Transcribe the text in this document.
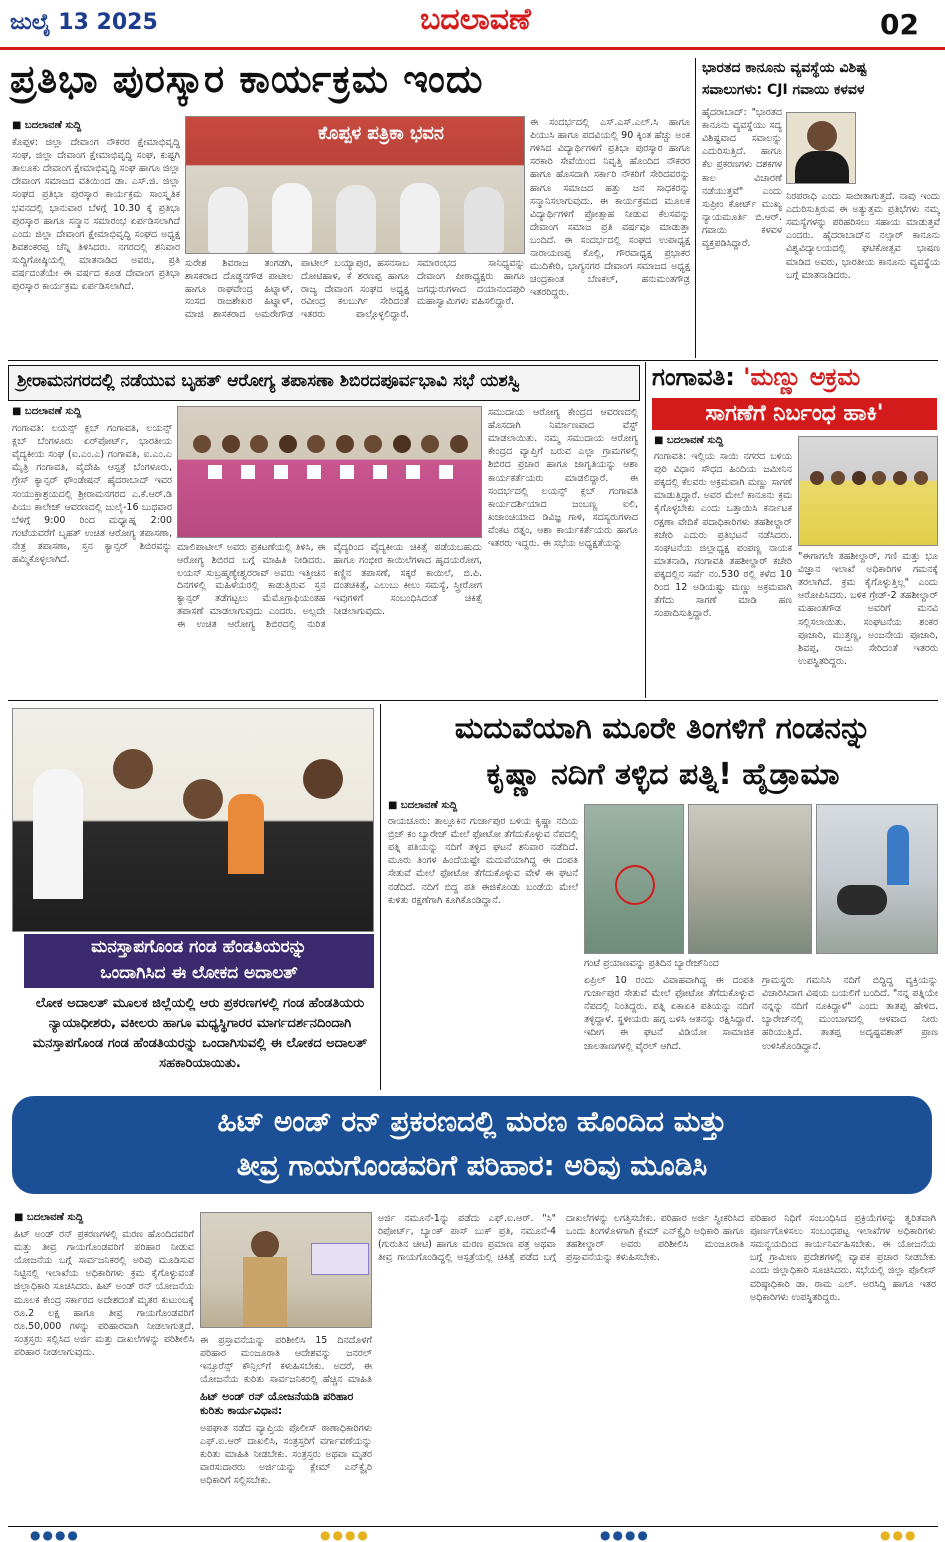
ಜುಲೈ 13 2025	ಬದಲಾವಣೆ	02
ಪ್ರತಿಭಾ ಪುರಸ್ಕಾರ ಕಾರ್ಯಕ್ರಮ ಇಂದು
■ ಬದಲಾವಣೆ ಸುದ್ದಿ
ಕೊಪ್ಪಳ: ಜಿಲ್ಲಾ ದೇವಾಂಗ ನೌಕರರ ಕ್ಷೇಮಾಭಿವೃದ್ಧಿ ಸಂಘ, ಜಿಲ್ಲಾ ದೇವಾಂಗ ಕ್ಷೇಮಾಭಿವೃದ್ಧಿ ಸಂಘ, ಕುಷ್ಟಗಿ ತಾಲೂಕು ದೇವಾಂಗ ಕ್ಷೇಮಾಭಿವೃದ್ಧಿ ಸಂಘ ಹಾಗೂ ಜಿಲ್ಲಾ ದೇವಾಂಗ ಸಮಾಜದ ವತಿಯಿಂದ ಡಾ. ಎಸ್.ಜಿ. ಜಿಲ್ಲಾ ಸಂಘದ ಪ್ರತಿಭಾ ಪುರಸ್ಕಾರ ಕಾರ್ಯಕ್ರಮ ಸಾಂಸ್ಕೃತಿಕ ಭವನದಲ್ಲಿ ಭಾನುವಾರ ಬೆಳಗ್ಗೆ 10.30 ಕ್ಕೆ ಪ್ರತಿಭಾ ಪುರಸ್ಕಾರ ಹಾಗೂ ಸನ್ಮಾನ ಸಮಾರಂಭ ಏರ್ಪಡಿಸಲಾಗಿದೆ ಎಂದು ಜಿಲ್ಲಾ ದೇವಾಂಗ ಕ್ಷೇಮಾಭಿವೃದ್ಧಿ ಸಂಘದ ಅಧ್ಯಕ್ಷ ಶಿವಶಂಕರಪ್ಪ ಚೆನ್ನಿ ತಿಳಿಸಿದರು. ನಗರದಲ್ಲಿ ಶನಿವಾರ ಸುದ್ದಿಗೋಷ್ಠಿಯಲ್ಲಿ ಮಾತನಾಡಿದ ಅವರು, ಪ್ರತಿ ವರ್ಷದಂತೆಯೇ ಈ ವರ್ಷದ ಕೂಡ ದೇವಾಂಗ ಪ್ರತಿಭಾ ಪುರಸ್ಕಾರ ಕಾರ್ಯಕ್ರಮ ಏರ್ಪಡಿಸಲಾಗಿದೆ.
ಕೊಪ್ಪಳ ಪತ್ರಿಕಾ ಭವನ
ಸುರೇಶ ಶಿವರಾಜ ತಂಗಡಗಿ, ಶಾಸಕರಾದ ದೊಡ್ಡನಗೌಡ ಪಾಟೀಲ ಹಾಗೂ ರಾಘವೇಂದ್ರ ಹಿಟ್ನಾಳ್, ಸಂಸದ ರಾಜಶೇಖರ ಹಿಟ್ನಾಳ್, ಮಾಜಿ ಶಾಸಕರಾದ ಅಮರೇಗೌಡ ಪಾಟೀಲ್ ಬಯ್ಯಾಪುರ, ಹಸನಸಾಬ ದೋಟಿಹಾಳ, ಕೆ ಶರಣಪ್ಪ ಹಾಗೂ ರಾಜ್ಯ ದೇವಾಂಗ ಸಂಘದ ಅಧ್ಯಕ್ಷ ರವೀಂದ್ರ ಕಲಬುರ್ಗಿ ಸೇರಿದಂತೆ ಇತರರು ಪಾಲ್ಗೊಳ್ಳಲಿದ್ದಾರೆ. ಸಮಾರಂಭದ ಸಾನಿಧ್ಯವನ್ನು ದೇವಾಂಗ ಪೀಠಾಧ್ಯಕ್ಷರು ಹಾಗೂ ಜಗದ್ಗುರುಗಳಾದ ದಯಾನಂದಪುರಿ ಮಹಾಸ್ವಾಮಿಗಳು ವಹಿಸಲಿದ್ದಾರೆ.
ಈ ಸಂದರ್ಭದಲ್ಲಿ ಎಸ್.ಎಸ್.ಎಲ್.ಸಿ ಹಾಗೂ ಪಿಯುಸಿ ಹಾಗೂ ಪದವಿಯಲ್ಲಿ 90 ಕ್ಕಿಂತ ಹೆಚ್ಚು ಅಂಕ ಗಳಿಸಿದ ವಿದ್ಯಾರ್ಥಿಗಳಿಗೆ ಪ್ರತಿಭಾ ಪುರಸ್ಕಾರ ಹಾಗೂ ಸರಕಾರಿ ಸೇವೆಯಿಂದ ನಿವೃತ್ತಿ ಹೊಂದಿದ ನೌಕರರ ಹಾಗೂ ಹೊಸದಾಗಿ ಸರ್ಕಾರಿ ನೌಕರಿಗೆ ಸೇರಿದವರನ್ನು ಹಾಗೂ ಸಮಾಜದ ಹತ್ತು ಜನ ಸಾಧಕರನ್ನು ಸನ್ಮಾನಿಸಲಾಗುವುದು. ಈ ಕಾರ್ಯಕ್ರಮದ ಮೂಲಕ ವಿದ್ಯಾರ್ಥಿಗಳಿಗೆ ಪ್ರೋತ್ಸಾಹ ನೀಡುವ ಕೆಲಸವನ್ನು ದೇವಾಂಗ ಸಮಾಜ ಪ್ರತಿ ವರ್ಷವೂ ಮಾಡುತ್ತಾ ಬಂದಿದೆ. ಈ ಸಂದರ್ಭದಲ್ಲಿ ಸಂಘದ ಉಪಾಧ್ಯಕ್ಷ ನಾರಾಯಣಪ್ಪ ಕೊಲ್ಲಿ, ಗೌರವಾಧ್ಯಕ್ಷ ಪ್ರಭಾಕರ ಮುದಿಕೇರಿ, ಭಾಗ್ಯನಗರ ದೇವಾಂಗ ಸಮಾಜದ ಅಧ್ಯಕ್ಷ ಚಂದ್ರಕಾಂತ ಬೆಣಕಲ್, ಹನುಮಂತಗೌಡ್ರ ಇತರರಿದ್ದರು.
ಭಾರತದ ಕಾನೂನು ವ್ಯವಸ್ಥೆಯ ವಿಶಿಷ್ಟ
ಸವಾಲುಗಳು: CJI ಗವಾಯಿ ಕಳವಳ
ಹೈದರಾಬಾದ್: "ಭಾರತದ ಕಾನೂನು ವ್ಯವಸ್ಥೆಯು ಸದ್ಯ ವಿಶಿಷ್ಟವಾದ ಸವಾಲನ್ನು ಎದುರಿಸುತ್ತಿದೆ. ಹಾಗೂ ಕೆಲ ಪ್ರಕರಣಗಳು ದಶಕಗಳ ಕಾಲ ವಿಚಾರಣೆ ನಡೆಯುತ್ತವೆ" ಎಂದು ಸುಪ್ರೀಂ ಕೋರ್ಟ್ ಮುಖ್ಯ ನ್ಯಾಯಮೂರ್ತಿ ಬಿ.ಆರ್. ಗವಾಯಿ ಕಳವಳ ವ್ಯಕ್ತಪಡಿಸಿದ್ದಾರೆ.
ನಿರಪರಾಧಿ ಎಂದು ಸಾಬೀತಾಗುತ್ತದೆ. ನಾವು ಇಂದು ಎದುರಿಸುತ್ತಿರುವ ಈ ಅತ್ಯುತ್ತಮ ಪ್ರತಿಭೆಗಳು ನಮ್ಮ ಸಮಸ್ಯೆಗಳನ್ನು ಪರಿಹರಿಸಲು ಸಹಾಯ ಮಾಡುತ್ತವೆ ಎಂದರು. ಹೈದರಾಬಾದ್‌ನ ನಲ್ಸಾರ್ ಕಾನೂನು ವಿಶ್ವವಿದ್ಯಾಲಯದಲ್ಲಿ ಘಟಿಕೋತ್ಸವ ಭಾಷಣ ಮಾಡಿದ ಅವರು, ಭಾರತೀಯ ಕಾನೂನು ವ್ಯವಸ್ಥೆಯ ಬಗ್ಗೆ ಮಾತನಾಡಿದರು.
ಶ್ರೀರಾಮನಗರದಲ್ಲಿ ನಡೆಯುವ ಬೃಹತ್ ಆರೋಗ್ಯ ತಪಾಸಣಾ ಶಿಬಿರದಪೂರ್ವಭಾವಿ ಸಭೆ ಯಶಸ್ವಿ
■ ಬದಲಾವಣೆ ಸುದ್ದಿ
ಗಂಗಾವತಿ: ಲಯನ್ಸ್ ಕ್ಲಬ್ ಗಂಗಾವತಿ, ಲಯನ್ಸ್ ಕ್ಲಬ್ ಬೆಂಗಳೂರು ಏರ್‌ಪೋರ್ಟ್, ಭಾರತೀಯ ವೈದ್ಯಕೀಯ ಸಂಘ (ಐ.ಎಂ.ಎ) ಗಂಗಾವತಿ, ಐ.ಎಂ.ಎ ಮೈತ್ರಿ ಗಂಗಾವತಿ, ವೈದೇಹಿ ಆಸ್ಪತ್ರೆ ಬೆಂಗಳೂರು, ಗ್ರೇಸ್ ಕ್ಯಾನ್ಸರ್ ಫೌಂಡೇಷನ್ ಹೈದರಾಬಾದ್ ಇವರ ಸಂಯುಕ್ತಾಶ್ರಯದಲ್ಲಿ ಶ್ರೀರಾಮನಗರದ ಎ.ಕೆ.ಆರ್.ಡಿ ಪಿಯು ಕಾಲೇಜ್ ಆವರಣದಲ್ಲಿ ಜುಲೈ-16 ಬುಧವಾರ ಬೆಳಿಗ್ಗೆ 9:00 ರಿಂದ ಮಧ್ಯಾಹ್ನ 2:00 ಗಂಟೆಯವರೆಗೆ ಬೃಹತ್ ಉಚಿತ ಆರೋಗ್ಯ ತಪಾಸಣಾ, ನೇತ್ರ ತಪಾಸಣಾ, ಸ್ತನ ಕ್ಯಾನ್ಸರ್ ಶಿಬಿರವನ್ನು ಹಮ್ಮಿಕೊಳ್ಳಲಾಗಿದೆ.
ಮಾಲಿಪಾಟೀಲ್ ಅವರು ಪ್ರಕಟಣೆಯಲ್ಲಿ ತಿಳಿಸಿ, ಈ ಆರೋಗ್ಯ ಶಿಬಿರದ ಬಗ್ಗೆ ಮಾಹಿತಿ ನೀಡಿದರು. ಲಯನ್ ಸುಬ್ರಹ್ಮಣ್ಯೇಶ್ವರರಾವ್ ಅವರು ಇತ್ತೀಚಿನ ದಿನಗಳಲ್ಲಿ ಮಹಿಳೆಯರಲ್ಲಿ ಕಾಡುತ್ತಿರುವ ಸ್ತನ ಕ್ಯಾನ್ಸರ್ ತಡೆಗಟ್ಟಲು ಮೆಮೊಗ್ರಾಫಿಯಂತಹ ತಪಾಸಣೆ ಮಾಡಲಾಗುವುದು ಎಂದರು. ಅಲ್ಲದೇ ಈ ಉಚಿತ ಆರೋಗ್ಯ ಶಿಬಿರದಲ್ಲಿ ನುರಿತ ವೈದ್ಯರಿಂದ ವೈದ್ಯಕೀಯ ಚಿಕಿತ್ಸೆ ಪಡೆಯಬಹುದು ಹಾಗೂ ಗಂಭೀರ ಕಾಯಿಲೆಗಳಾದ ಹೃದಯರೋಗ, ಕಣ್ಣಿನ ತಪಾಸಣೆ, ಸಕ್ಕರೆ ಕಾಯಿಲೆ, ಬಿ.ಪಿ. ದಂತಚಿಕಿತ್ಸೆ, ಎಲುಬು ಕೀಲು ಸಮಸ್ಯೆ, ಸ್ತ್ರೀರೋಗ ಇವುಗಳಿಗೆ ಸಂಬಂಧಿಸಿದಂತೆ ಚಿಕಿತ್ಸೆ ನೀಡಲಾಗುವುದು.
ಸಮುದಾಯ ಆರೋಗ್ಯ ಕೇಂದ್ರದ ಆವರಣದಲ್ಲಿ ಹೊಸದಾಗಿ ನಿರ್ಮಾಣವಾದ ವೆಸ್ಟ್ ಮಾಡಲಾಯಿತು. ನಮ್ಮ ಸಮುದಾಯ ಆರೋಗ್ಯ ಕೇಂದ್ರದ ವ್ಯಾಪ್ತಿಗೆ ಬರುವ ಎಲ್ಲಾ ಗ್ರಾಮಗಳಲ್ಲಿ ಶಿಬಿರದ ಪ್ರಚಾರ ಹಾಗೂ ಜಾಗೃತಿಯನ್ನು ಆಶಾ ಕಾರ್ಯಕರ್ತೆಯರು ಮಾಡಲಿದ್ದಾರೆ. ಈ ಸಂದರ್ಭದಲ್ಲಿ ಲಯನ್ಸ್ ಕ್ಲಬ್ ಗಂಗಾವತಿ ಕಾರ್ಯದರ್ಶಿಯಾದ ಜಂಬಣ್ಣ ಐಲಿ, ಖಜಾಂಚಿಯಾದ ಡಿವಿಜ್ಞ ಗಾಳಿ, ಸದಸ್ಯರುಗಳಾದ ವೆಂಕಟ ರತ್ನಂ, ಆಶಾ ಕಾರ್ಯಕರ್ತೆಯರು ಹಾಗೂ ಇತರರು ಇದ್ದರು. ಈ ಸಭೆಯ ಅಧ್ಯಕ್ಷತೆಯನ್ನು
ಗಂಗಾವತಿ: 'ಮಣ್ಣು ಅಕ್ರಮ
ಸಾಗಣೆಗೆ ನಿರ್ಬಂಧ ಹಾಕಿ'
■ ಬದಲಾವಣೆ ಸುದ್ದಿ
ಗಂಗಾವತಿ: ಇಲ್ಲಿಯ ಸಾಯಿ ನಗರದ ಬಳಿಯ ಪುರಿ ವಿಧಾನ ಸೌಧದ ಹಿಂದಿಯ ಜಮೀನಿನ ಪಕ್ಕದಲ್ಲಿ ಕೆಲವರು ಅಕ್ರಮವಾಗಿ ಮಣ್ಣು ಸಾಗಣೆ ಮಾಡುತ್ತಿದ್ದಾರೆ. ಅವರ ಮೇಲೆ ಕಾನೂನು ಕ್ರಮ ಕೈಗೊಳ್ಳಬೇಕು ಎಂದು ಒತ್ತಾಯಿಸಿ ಕರ್ನಾಟಕ ರಕ್ಷಣಾ ವೇದಿಕೆ ಪದಾಧಿಕಾರಿಗಳು ತಹಶೀಲ್ದಾರ್ ಕಚೇರಿ ಎದುರು ಪ್ರತಿಭಟನೆ ನಡೆಸಿದರು. ಸಂಘಟನೆಯ ಜಿಲ್ಲಾಧ್ಯಕ್ಷ ಪಂಪಣ್ಣ ನಾಯಕ ಮಾತನಾಡಿ, ಗಂಗಾವತಿ ತಹಶೀಲ್ದಾರ್ ಕಚೇರಿ ಪಕ್ಕದಲ್ಲಿನ ಸರ್ವೆ ನಂ.530 ರಲ್ಲಿ ಕಳೆದ 10 ರಿಂದ 12 ಅಡಿಯಷ್ಟು ಮಣ್ಣು ಅಕ್ರಮವಾಗಿ ತೆಗೆದು ಸಾಗಣೆ ಮಾಡಿ ಹಣ ಸಂಪಾದಿಸುತ್ತಿದ್ದಾರೆ.
"ಈಗಾಗಲೇ ತಹಶೀಲ್ದಾರ್, ಗಣಿ ಮತ್ತು ಭೂ ವಿಜ್ಞಾನ ಇಲಾಖೆ ಅಧಿಕಾರಿಗಳ ಗಮನಕ್ಕೆ ತರಲಾಗಿದೆ. ಕ್ರಮ ಕೈಗೊಳ್ಳುತ್ತಿಲ್ಲ" ಎಂದು ಆರೋಪಿಸಿದರು. ಬಳಿಕ ಗ್ರೇಡ್-2 ತಹಶೀಲ್ದಾರ್ ಮಹಾಂತಗೌಡ ಅವರಿಗೆ ಮನವಿ ಸಲ್ಲಿಸಲಾಯಿತು. ಸಂಘಟನೆಯ ಶಂಕರ ಪೂಜಾರಿ, ಮುತ್ತಣ್ಣ, ಅಂಜನೇಯ ಪೂಜಾರಿ, ಶಿವಪ್ಪ, ರಾಜು ಸೇರಿದಂತೆ ಇತರರು ಉಪಸ್ಥಿತರಿದ್ದರು.
ಮನಸ್ತಾಪಗೊಂಡ ಗಂಡ ಹೆಂಡತಿಯರನ್ನು
ಒಂದಾಗಿಸಿದ ಈ ಲೋಕದ ಅದಾಲತ್
ಲೋಕ ಅದಾಲತ್ ಮೂಲಕ ಜಿಲ್ಲೆಯಲ್ಲಿ ಆರು ಪ್ರಕರಣಗಳಲ್ಲಿ ಗಂಡ ಹೆಂಡತಿಯರು ನ್ಯಾಯಾಧೀಶರು, ವಕೀಲರು ಹಾಗೂ ಮಧ್ಯಸ್ಥಿಗಾರರ ಮಾರ್ಗದರ್ಶನದಿಂದಾಗಿ ಮನಸ್ತಾಪಗೊಂಡ ಗಂಡ ಹೆಂಡತಿಯರನ್ನು ಒಂದಾಗಿಸುವಲ್ಲಿ ಈ ಲೋಕದ ಅದಾಲತ್ ಸಹಕಾರಿಯಾಯಿತು.
ಮದುವೆಯಾಗಿ ಮೂರೇ ತಿಂಗಳಿಗೆ ಗಂಡನನ್ನು
ಕೃಷ್ಣಾ ನದಿಗೆ ತಳ್ಳಿದ ಪತ್ನಿ! ಹೈಡ್ರಾಮಾ
■ ಬದಲಾವಣೆ ಸುದ್ದಿ
ರಾಯಚೂರು: ತಾಲ್ಲೂಕಿನ ಗುರ್ಜಾಪುರ ಬಳಿಯ ಕೃಷ್ಣಾ ನದಿಯ ಬ್ರಿಜ್ ಕಂ ಬ್ಯಾರೇಜ್ ಮೇಲೆ ಫೋಟೋ ತೆಗೆದುಕೊಳ್ಳುವ ನೆಪದಲ್ಲಿ ಪತ್ನಿ ಪತಿಯನ್ನು ನದಿಗೆ ತಳ್ಳಿದ ಘಟನೆ ಶನಿವಾರ ನಡೆದಿದೆ. ಮೂರು ತಿಂಗಳ ಹಿಂದೆಯಷ್ಟೇ ಮದುವೆಯಾಗಿದ್ದ ಈ ದಂಪತಿ ಸೇತುವೆ ಮೇಲೆ ಫೋಟೋ ತೆಗೆದುಕೊಳ್ಳುವ ವೇಳೆ ಈ ಘಟನೆ ನಡೆದಿದೆ. ನದಿಗೆ ಬಿದ್ದ ಪತಿ ಈಜಿಕೊಂಡು ಬಂಡೆಯ ಮೇಲೆ ಕುಳಿತು ರಕ್ಷಣೆಗಾಗಿ ಕೂಗಿಕೊಂಡಿದ್ದಾನೆ.
ಗಂಟೆ ಪ್ರಯಾಣವನ್ನು ಪ್ರತಿದಿನ ಬ್ಯಾರೇಜ್‌ನಿಂದ
ಏಪ್ರಿಲ್ 10 ರಂದು ವಿವಾಹವಾಗಿದ್ದ ಈ ದಂಪತಿ ಗುರ್ಜಾಪುರ ಸೇತುವೆ ಮೇಲೆ ಫೋಟೋ ತೆಗೆದುಕೊಳ್ಳುವ ನೆಪದಲ್ಲಿ ನಿಂತಿದ್ದರು. ಪತ್ನಿ ಏಕಾಏಕಿ ಪತಿಯನ್ನು ನದಿಗೆ ತಳ್ಳಿದ್ದಾಳೆ. ಸ್ಥಳೀಯರು ಹಗ್ಗ ಬಳಸಿ ಆತನನ್ನು ರಕ್ಷಿಸಿದ್ದಾರೆ. ಇದೀಗ ಈ ಘಟನೆ ವಿಡಿಯೋ ಸಾಮಾಜಿಕ ಜಾಲತಾಣಗಳಲ್ಲಿ ವೈರಲ್ ಆಗಿದೆ.
ಗ್ರಾಮಸ್ಥರು ಗಮನಿಸಿ ನದಿಗೆ ಬಿದ್ದಿದ್ದ ವ್ಯಕ್ತಿಯನ್ನು ವಿಚಾರಿಸಿದಾಗ ವಿಷಯ ಬಯಲಿಗೆ ಬಂದಿದೆ. "ನನ್ನ ಪತ್ನಿಯೇ ನನ್ನನ್ನು ನದಿಗೆ ನೂಕಿದ್ದಾಳೆ" ಎಂದು ತಾತಪ್ಪ ಹೇಳಿದ. ಬ್ಯಾರೇಜ್‌ನಲ್ಲಿ ಮುಂಬಾಗದಲ್ಲಿ ಆಳವಾದ ನೀರು ಹರಿಯುತ್ತಿದೆ. ತಾತಪ್ಪ ಅದೃಷ್ಟವಶಾತ್ ಪ್ರಾಣ ಉಳಿಸಿಕೊಂಡಿದ್ದಾನೆ.
ಹಿಟ್ ಅಂಡ್ ರನ್ ಪ್ರಕರಣದಲ್ಲಿ ಮರಣ ಹೊಂದಿದ ಮತ್ತು
ತೀವ್ರ ಗಾಯಗೊಂಡವರಿಗೆ ಪರಿಹಾರ: ಅರಿವು ಮೂಡಿಸಿ
■ ಬದಲಾವಣೆ ಸುದ್ದಿ
ಹಿಟ್ ಅಂಡ್ ರನ್ ಪ್ರಕರಣಗಳಲ್ಲಿ ಮರಣ ಹೊಂದಿದವರಿಗೆ ಮತ್ತು ತೀವ್ರ ಗಾಯಗೊಂಡವರಿಗೆ ಪರಿಹಾರ ನೀಡುವ ಯೋಜನೆಯ ಬಗ್ಗೆ ಸಾರ್ವಜನಿಕರಲ್ಲಿ ಅರಿವು ಮೂಡಿಸುವ ನಿಟ್ಟಿನಲ್ಲಿ ಇಲಾಖೆಯ ಅಧಿಕಾರಿಗಳು ಕ್ರಮ ಕೈಗೊಳ್ಳುವಂತೆ ಜಿಲ್ಲಾಧಿಕಾರಿ ಸೂಚಿಸಿದರು. ಹಿಟ್ ಅಂಡ್ ರನ್ ಯೋಜನೆಯ ಮೂಲಕ ಕೇಂದ್ರ ಸರ್ಕಾರದ ಅದೇಶದಂತೆ ಮೃತರ ಕುಟುಂಬಕ್ಕೆ ರೂ.2 ಲಕ್ಷ ಹಾಗೂ ತೀವ್ರ ಗಾಯಗೊಂಡವರಿಗೆ ರೂ.50,000 ಗಳನ್ನು ಪರಿಹಾರವಾಗಿ ನೀಡಲಾಗುತ್ತದೆ. ಸಂತ್ರಸ್ತರು ಸಲ್ಲಿಸಿದ ಅರ್ಜಿ ಮತ್ತು ದಾಖಲೆಗಳನ್ನು ಪರಿಶೀಲಿಸಿ ಪರಿಹಾರ ನೀಡಲಾಗುವುದು.
ಈ ಪ್ರಸ್ತಾವನೆಯನ್ನು ಪರಿಶೀಲಿಸಿ 15 ದಿನದೊಳಗೆ ಪರಿಹಾರ ಮಂಜೂರಾತಿ ಆದೇಶವನ್ನು ಜನರಲ್ ಇನ್ಸೂರೆನ್ಸ್ ಕೌನ್ಸಿಲ್‌ಗೆ ಕಳುಹಿಸಬೇಕು. ಅದರೆ, ಈ ಯೋಜನೆಯ ಕುರಿತು ಸಾರ್ವಜನಿಕರಲ್ಲಿ ಹೆಚ್ಚಿನ ಮಾಹಿತಿ
ಹಿಟ್ ಅಂಡ್ ರನ್ ಯೋಜನೆಯಡಿ ಪರಿಹಾರ ಕುರಿತು ಕಾರ್ಯವಿಧಾನ:
ಅಪಘಾತ ನಡೆದ ವ್ಯಾಪ್ತಿಯ ಪೊಲೀಸ್ ಠಾಣಾಧಿಕಾರಿಗಳು ಎಫ್.ಐ.ಆರ್ ದಾಖಲಿಸಿ, ಸಂತ್ರಸ್ತರಿಗೆ ವರ್ಗಾವಣೆಯನ್ನು ಕುರಿತು ಮಾಹಿತಿ ನೀಡಬೇಕು. ಸಂತ್ರಸ್ತರು ಅಥವಾ ಮೃತರ ವಾರಸುದಾರರು ಅರ್ಜಿಯನ್ನು ಕ್ಲೇಮ್ ಎನ್‌ಕ್ವೈರಿ ಅಧಿಕಾರಿಗೆ ಸಲ್ಲಿಸಬೇಕು.
ಅರ್ಜಿ ನಮೂನೆ-1ನ್ನು ಪಡೆದು ಎಫ್.ಐ.ಆರ್. "ಸಿ" ರಿಪೋರ್ಟ್, ಬ್ಯಾಂಕ್ ಪಾಸ್ ಬುಕ್ ಪ್ರತಿ, ನಮೂನೆ-4 (ಗುರುತಿನ ಚೀಟಿ) ಹಾಗೂ ಮರಣ ಪ್ರಮಾಣ ಪತ್ರ ಅಥವಾ ತೀವ್ರ ಗಾಯಗೊಂಡಿದ್ದಲ್ಲಿ ಆಸ್ಪತ್ರೆಯಲ್ಲಿ ಚಿಕಿತ್ಸೆ ಪಡೆದ ಬಗ್ಗೆ ದಾಖಲೆಗಳನ್ನು ಲಗತ್ತಿಸಬೇಕು. ಪರಿಹಾರ ಅರ್ಜಿ ಸ್ವೀಕರಿಸಿದ ಒಂದು ತಿಂಗಳೊಳಗಾಗಿ ಕ್ಲೇಮ್ ಎನ್‌ಕ್ವೈರಿ ಅಧಿಕಾರಿ ಹಾಗೂ ತಹಶೀಲ್ದಾರ್ ಅವರು ಪರಿಶೀಲಿಸಿ ಮಂಜೂರಾತಿ ಪ್ರಸ್ತಾವನೆಯನ್ನು ಕಳುಹಿಸಬೇಕು.
ಪರಿಹಾರ ನಿಧಿಗೆ ಸಂಬಂಧಿಸಿದ ಪ್ರಕ್ರಿಯೆಗಳನ್ನು ತ್ವರಿತವಾಗಿ ಪೂರ್ಣಗೊಳಿಸಲು ಸಂಬಂಧಪಟ್ಟ ಇಲಾಖೆಗಳ ಅಧಿಕಾರಿಗಳು ಸಮನ್ವಯದಿಂದ ಕಾರ್ಯನಿರ್ವಹಿಸಬೇಕು. ಈ ಯೋಜನೆಯ ಬಗ್ಗೆ ಗ್ರಾಮೀಣ ಪ್ರದೇಶಗಳಲ್ಲಿ ವ್ಯಾಪಕ ಪ್ರಚಾರ ನೀಡಬೇಕು ಎಂದು ಜಿಲ್ಲಾಧಿಕಾರಿ ಸೂಚಿಸಿದರು. ಸಭೆಯಲ್ಲಿ ಜಿಲ್ಲಾ ಪೊಲೀಸ್ ವರಿಷ್ಠಾಧಿಕಾರಿ ಡಾ. ರಾಮ ಎಲ್. ಅರಸಿದ್ಧಿ ಹಾಗೂ ಇತರ ಅಧಿಕಾರಿಗಳು ಉಪಸ್ಥಿತರಿದ್ದರು.
●●●●	●●●●	●●●●	●●●
